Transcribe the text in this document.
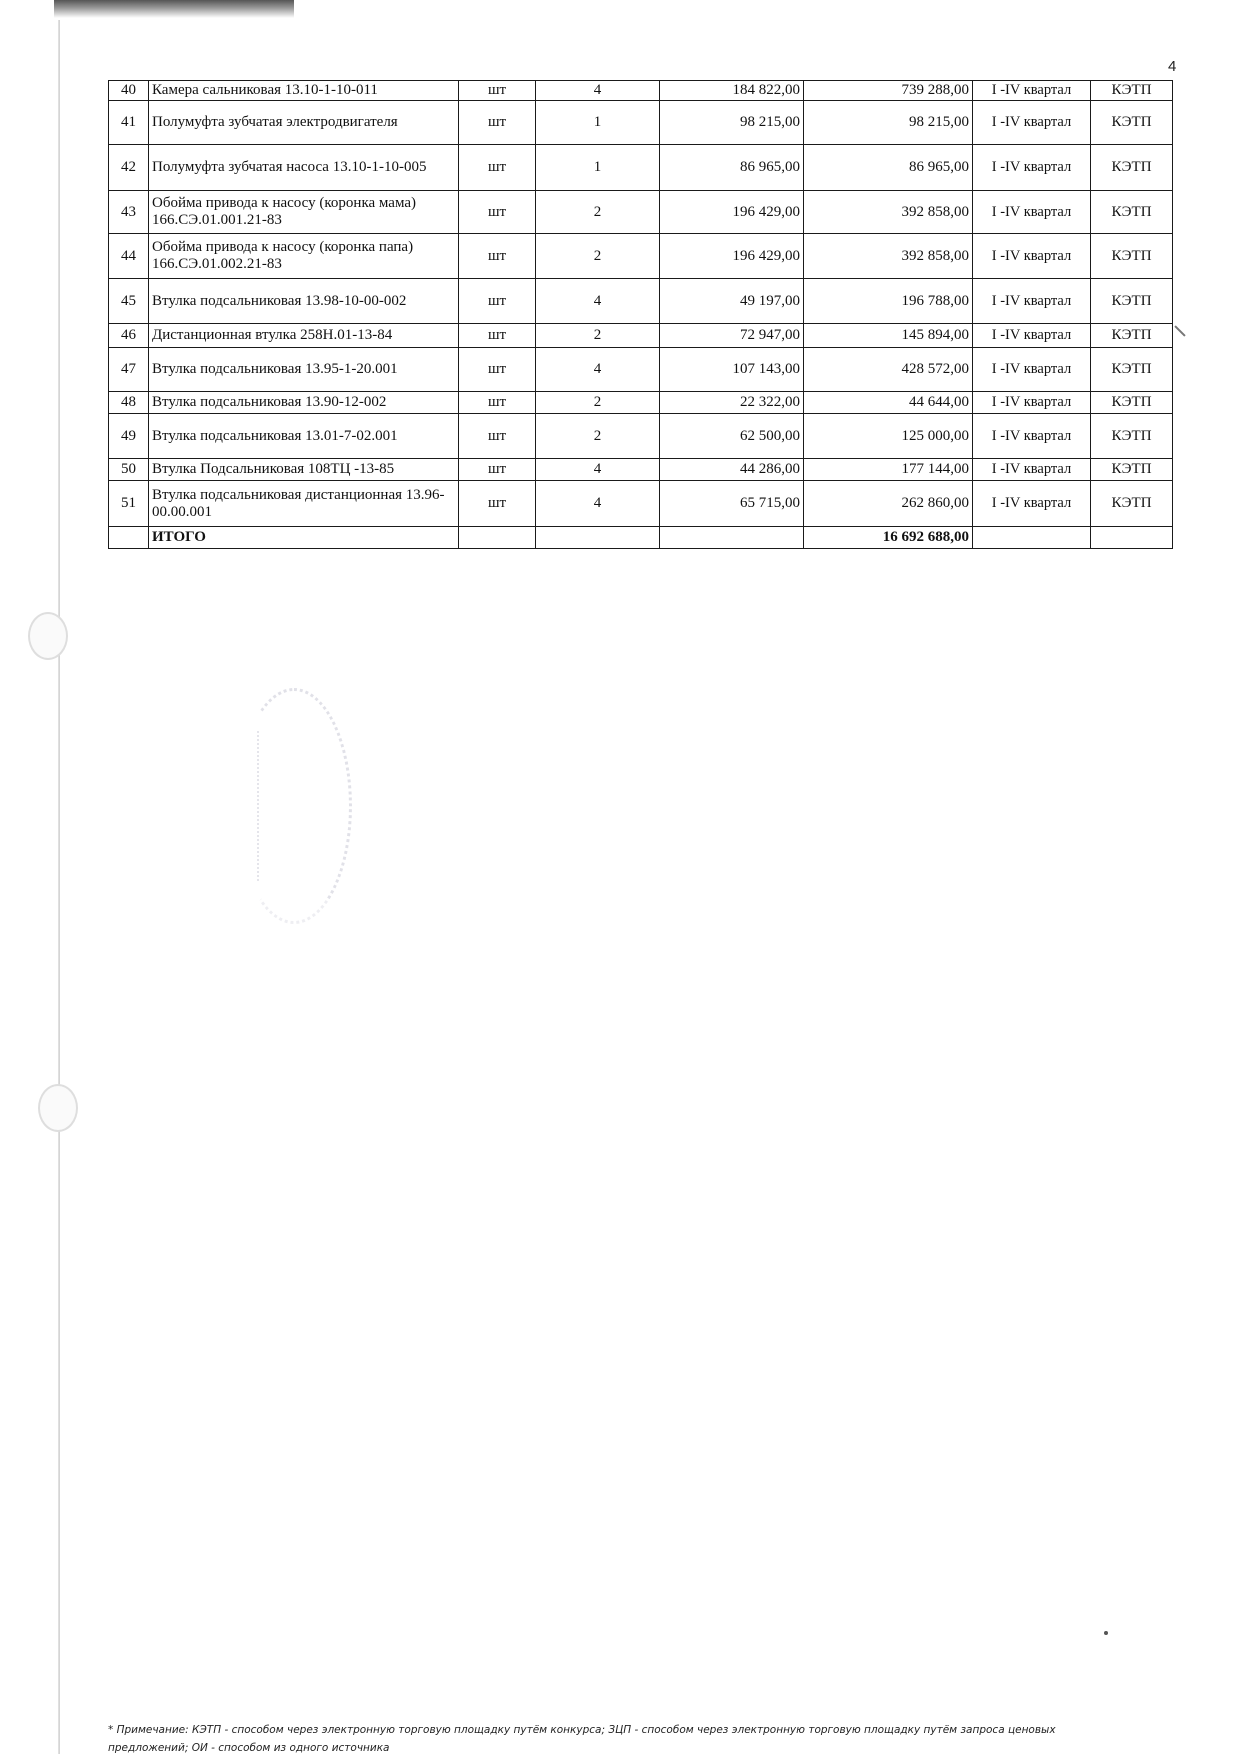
4
40	Камера сальниковая 13.10-1-10-011	шт	4	184 822,00	739 288,00	I -IV квартал	КЭТП
41	Полумуфта зубчатая электродвигателя	шт	1	98 215,00	98 215,00	I -IV квартал	КЭТП
42	Полумуфта зубчатая насоса 13.10-1-10-005	шт	1	86 965,00	86 965,00	I -IV квартал	КЭТП
43	Обойма привода к насосу (коронка мама) 166.СЭ.01.001.21-83	шт	2	196 429,00	392 858,00	I -IV квартал	КЭТП
44	Обойма привода к насосу (коронка папа) 166.СЭ.01.002.21-83	шт	2	196 429,00	392 858,00	I -IV квартал	КЭТП
45	Втулка подсальниковая 13.98-10-00-002	шт	4	49 197,00	196 788,00	I -IV квартал	КЭТП
46	Дистанционная втулка 258Н.01-13-84	шт	2	72 947,00	145 894,00	I -IV квартал	КЭТП
47	Втулка подсальниковая 13.95-1-20.001	шт	4	107 143,00	428 572,00	I -IV квартал	КЭТП
48	Втулка подсальниковая 13.90-12-002	шт	2	22 322,00	44 644,00	I -IV квартал	КЭТП
49	Втулка подсальниковая 13.01-7-02.001	шт	2	62 500,00	125 000,00	I -IV квартал	КЭТП
50	Втулка Подсальниковая 108ТЦ -13-85	шт	4	44 286,00	177 144,00	I -IV квартал	КЭТП
51	Втулка подсальниковая дистанционная 13.96-00.00.001	шт	4	65 715,00	262 860,00	I -IV квартал	КЭТП
	ИТОГО				16 692 688,00		
* Примечание: КЭТП - способом через электронную торговую площадку путём конкурса; ЗЦП - способом через электронную торговую площадку путём запроса ценовых
предложений; ОИ - способом из одного источника
